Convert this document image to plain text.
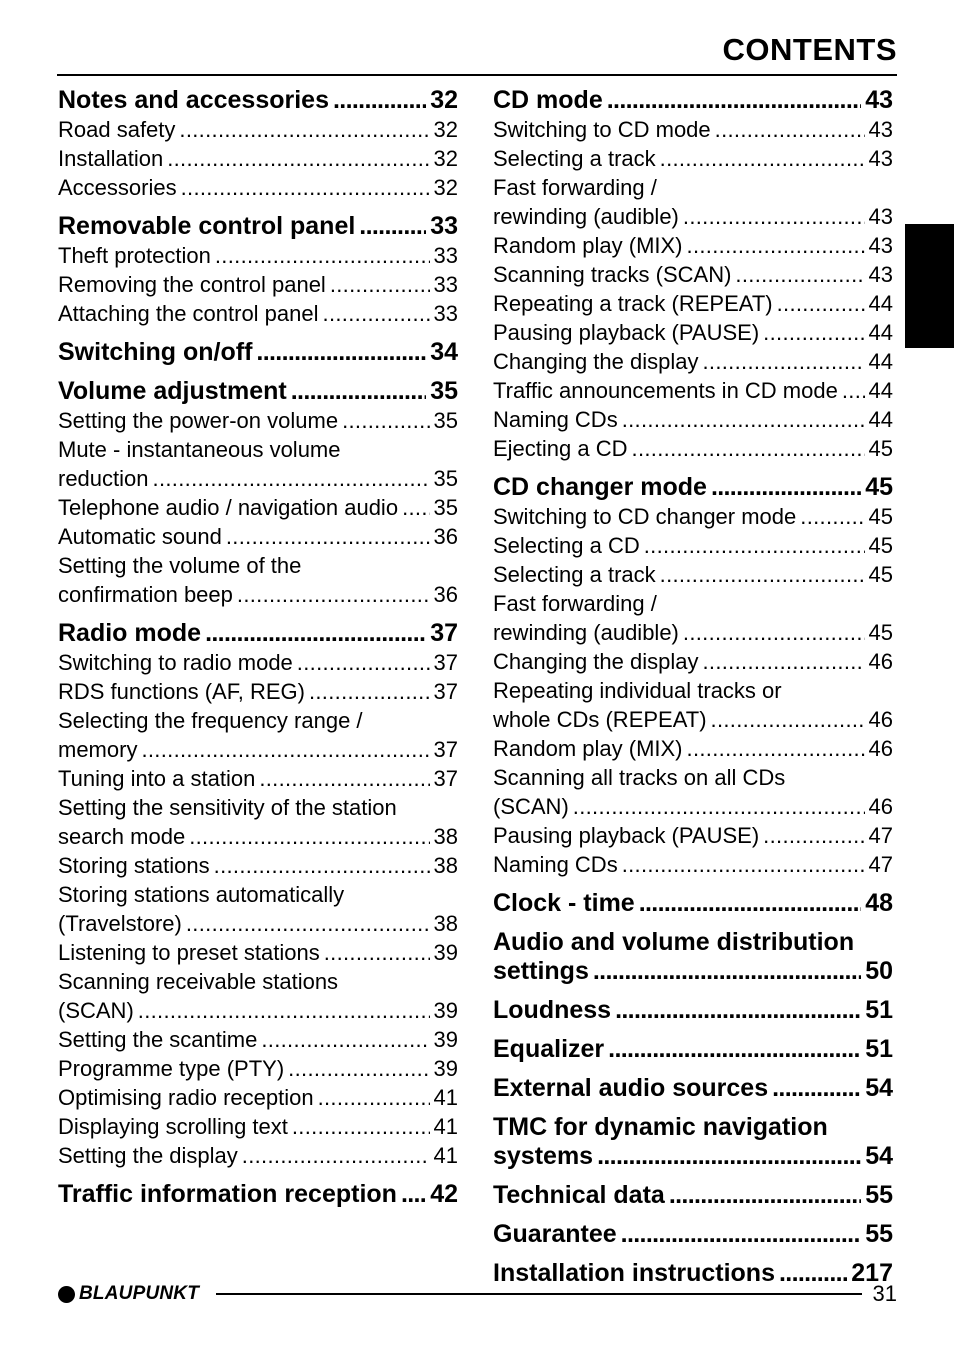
CONTENTS
Notes and accessories . . .	32
Road safety . . .	32
Installation . . .	32
Accessories . . .	32
Removable control panel . . .	33
Theft protection . . .	33
Removing the control panel . . .	33
Attaching the control panel . . .	33
Switching on/off . . .	34
Volume adjustment . . .	35
Setting the power-on volume . . .	35
Mute - instantaneous volume
reduction . . .	35
Telephone audio / navigation audio . . . 35
Automatic sound . . .	36
Setting the volume of the
confirmation beep . . .	36
Radio mode . . .	37
Switching to radio mode . . .	37
RDS functions (AF, REG) . . .	37
Selecting the frequency range /
memory . . .	37
Tuning into a station . . .	37
Setting the sensitivity of the station
search mode . . .	38
Storing stations . . .	38
Storing stations automatically
(Travelstore) . . .	38
Listening to preset stations . . .	39
Scanning receivable stations
(SCAN) . . .	39
Setting the scantime . . .	39
Programme type (PTY) . . .	39
Optimising radio reception . . .	41
Displaying scrolling text . . .	41
Setting the display . . .	41
Traffic information reception . . . 42
CD mode . . .	43
Switching to CD mode . . .	43
Selecting a track . . .	43
Fast forwarding /
rewinding (audible) . . .	43
Random play (MIX) . . .	43
Scanning tracks (SCAN) . . .	43
Repeating a track (REPEAT) . . .	44
Pausing playback (PAUSE) . . .	44
Changing the display . . .	44
Traffic announcements in CD mode . . . 44
Naming CDs . . .	44
Ejecting a CD . . .	45
CD changer mode . . .	45
Switching to CD changer mode . . .	45
Selecting a CD . . .	45
Selecting a track . . .	45
Fast forwarding /
rewinding (audible) . . .	45
Changing the display . . .	46
Repeating individual tracks or
whole CDs (REPEAT) . . .	46
Random play (MIX) . . .	46
Scanning all tracks on all CDs
(SCAN) . . .	46
Pausing playback (PAUSE) . . .	47
Naming CDs . . .	47
Clock - time . . .	48
Audio and volume distribution
settings . . .	50
Loudness . . .	51
Equalizer . . .	51
External audio sources . . .	54
TMC for dynamic navigation
systems . . .	54
Technical data . . .	55
Guarantee . . .	55
Installation instructions . . .	217
BLAUPUNKT	31
